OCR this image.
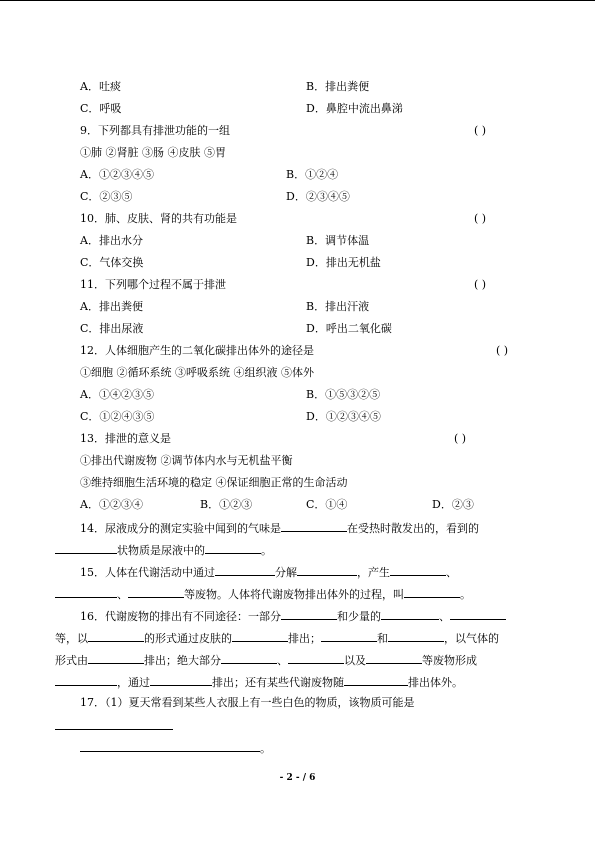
A．吐痰	B．排出粪便
C．呼吸	D．鼻腔中流出鼻涕
9．下列都具有排泄功能的一组	( )
①肺 ②肾脏 ③肠 ④皮肤 ⑤胃
A．①②③④⑤	B．①②④
C．②③⑤	D．②③④⑤
10．肺、皮肤、肾的共有功能是	( )
A．排出水分	B．调节体温
C．气体交换	D．排出无机盐
11．下列哪个过程不属于排泄	( )
A．排出粪便	B．排出汗液
C．排出尿液	D．呼出二氧化碳
12．人体细胞产生的二氧化碳排出体外的途径是	( )
①细胞 ②循环系统 ③呼吸系统 ④组织液 ⑤体外
A．①④②③⑤	B．①⑤③②⑤
C．①②④③⑤	D．①②③④⑤
13．排泄的意义是	( )
①排出代谢废物 ②调节体内水与无机盐平衡
③维持细胞生活环境的稳定 ④保证细胞正常的生命活动
A．①②③④	B．①②③	C．①④	D．②③
14．尿液成分的测定实验中闻到的气味是	在受热时散发出的，看到的
状物质是尿液中的	。
15．人体在代谢活动中通过	分解	，产生	、
、	等废物。人体将代谢废物排出体外的过程，叫	。
16．代谢废物的排出有不同途径：一部分	和少量的	、
等，以	的形式通过皮肤的	排出；	和	，以气体的
形式由	排出；绝大部分	、	以及	等废物形成
，通过	排出；还有某些代谢废物随	排出体外。
17．（1）夏天常看到某些人衣服上有一些白色的物质，该物质可能是
。
- 2 - / 6
